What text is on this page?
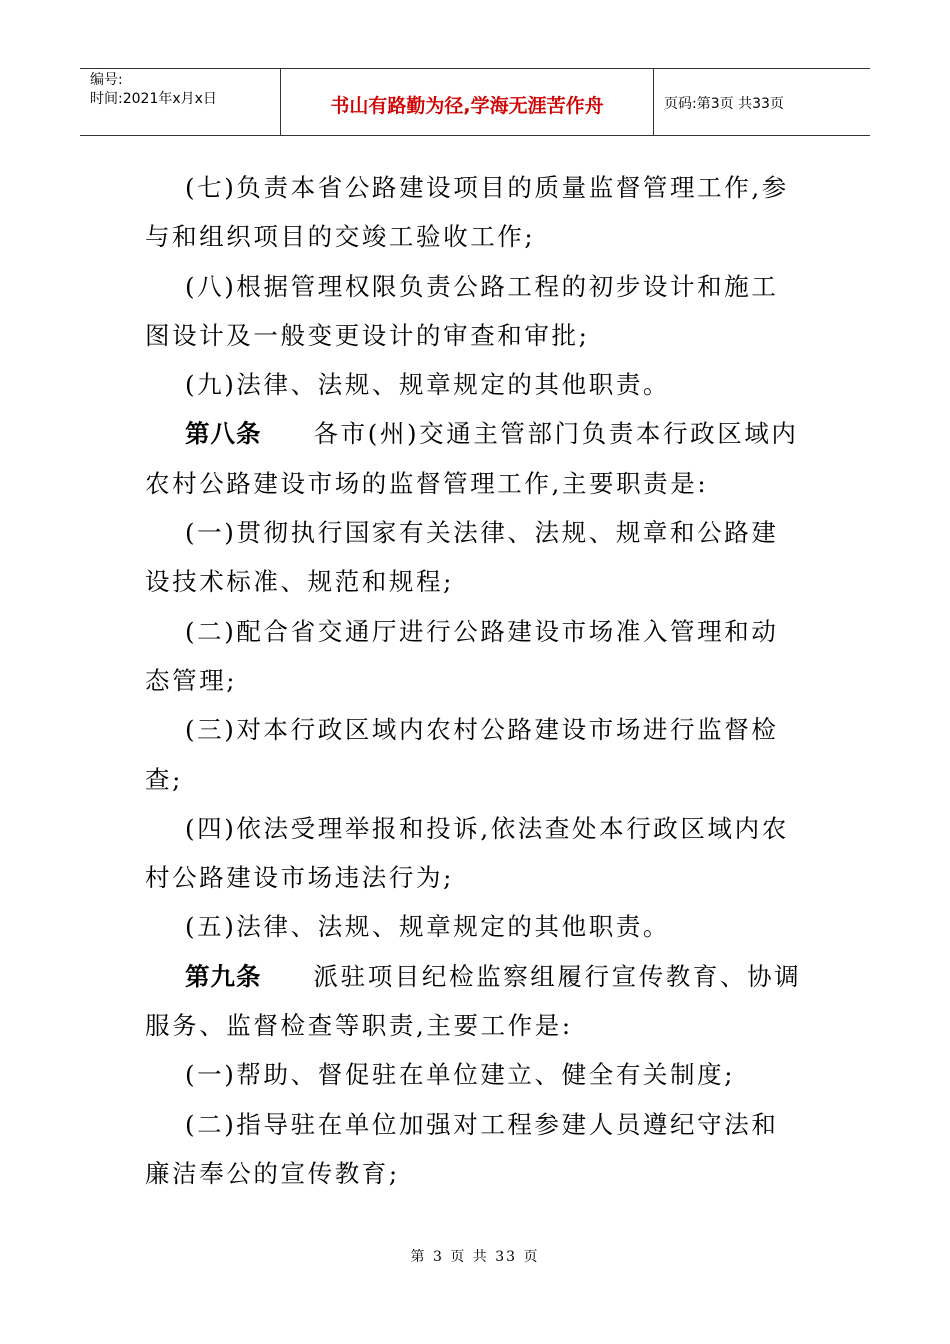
编号:
时间:2021年x月x日	书山有路勤为径,学海无涯苦作舟	页码:第3页 共33页

(七)负责本省公路建设项目的质量监督管理工作,参与和组织项目的交竣工验收工作;

(八)根据管理权限负责公路工程的初步设计和施工图设计及一般变更设计的审查和审批;

(九)法律、法规、规章规定的其他职责。

第八条 各市(州)交通主管部门负责本行政区域内农村公路建设市场的监督管理工作,主要职责是:

(一)贯彻执行国家有关法律、法规、规章和公路建设技术标准、规范和规程;

(二)配合省交通厅进行公路建设市场准入管理和动态管理;

(三)对本行政区域内农村公路建设市场进行监督检查;

(四)依法受理举报和投诉,依法查处本行政区域内农村公路建设市场违法行为;

(五)法律、法规、规章规定的其他职责。

第九条 派驻项目纪检监察组履行宣传教育、协调服务、监督检查等职责,主要工作是:

(一)帮助、督促驻在单位建立、健全有关制度;

(二)指导驻在单位加强对工程参建人员遵纪守法和廉洁奉公的宣传教育;

第 3 页 共 33 页
